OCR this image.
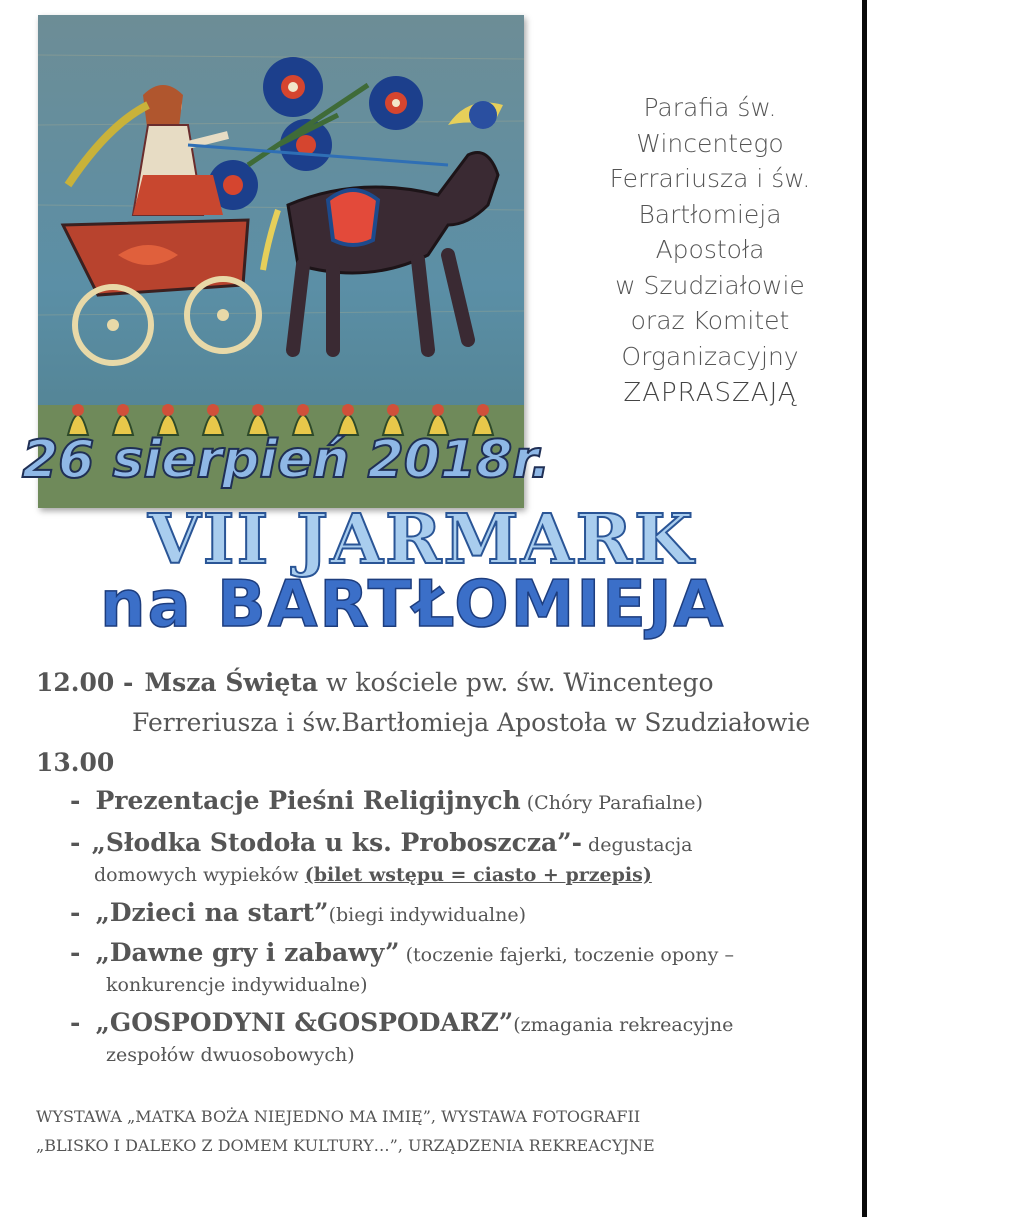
Parafia św.
Wincentego
Ferrariusza i św.
Bartłomieja
Apostoła
w Szudziałowie
oraz Komitet
Organizacyjny
ZAPRASZAJĄ
26 sierpień 2018r.
VII JARMARK
na BARTŁOMIEJA
12.00 - Msza Święta w kościele pw. św. Wincentego
Ferreriusza i św.Bartłomieja Apostoła w Szudziałowie
13.00
- Prezentacje Pieśni Religijnych (Chóry Parafialne)
- „Słodka Stodoła u ks. Proboszcza”- degustacja
domowych wypieków (bilet wstępu = ciasto + przepis)
- „Dzieci na start”(biegi indywidualne)
- „Dawne gry i zabawy” (toczenie fajerki, toczenie opony –
konkurencje indywidualne)
- „GOSPODYNI &GOSPODARZ”(zmagania rekreacyjne
zespołów dwuosobowych)
WYSTAWA „MATKA BOŻA NIEJEDNO MA IMIĘ”, WYSTAWA FOTOGRAFII
„BLISKO I DALEKO Z DOMEM KULTURY…”, URZĄDZENIA REKREACYJNE
